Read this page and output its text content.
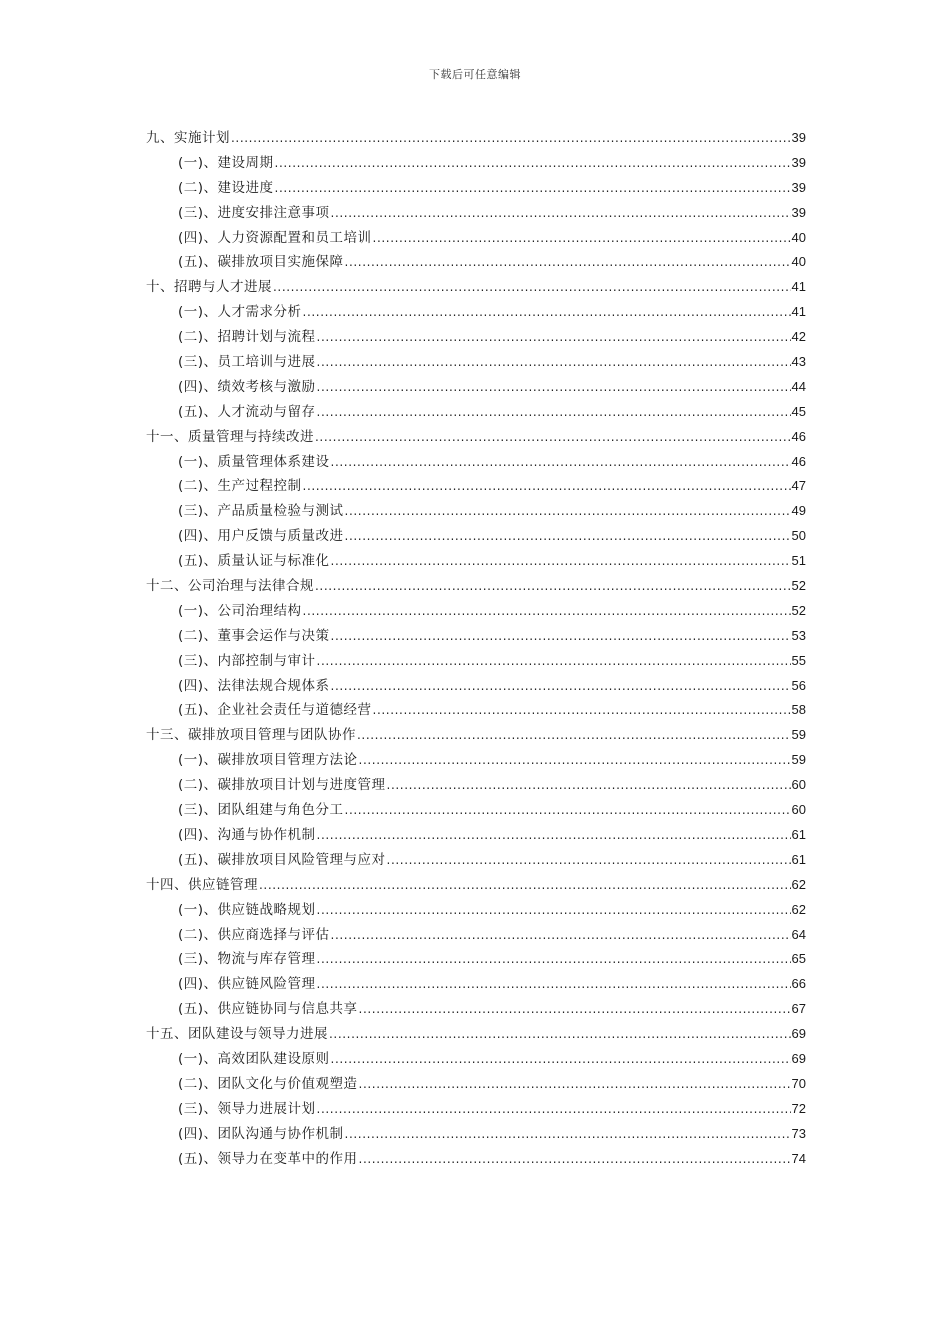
下载后可任意编辑
九、实施计划 .....	39
(一)、建设周期 .....	39
(二)、建设进度 .....	39
(三)、进度安排注意事项 .....	39
(四)、人力资源配置和员工培训 .....	40
(五)、碳排放项目实施保障 .....	40
十、招聘与人才进展 .....	41
(一)、人才需求分析 .....	41
(二)、招聘计划与流程 .....	42
(三)、员工培训与进展 .....	43
(四)、绩效考核与激励 .....	44
(五)、人才流动与留存 .....	45
十一、质量管理与持续改进 .....	46
(一)、质量管理体系建设 .....	46
(二)、生产过程控制 .....	47
(三)、产品质量检验与测试 .....	49
(四)、用户反馈与质量改进 .....	50
(五)、质量认证与标准化 .....	51
十二、公司治理与法律合规 .....	52
(一)、公司治理结构 .....	52
(二)、董事会运作与决策 .....	53
(三)、内部控制与审计 .....	55
(四)、法律法规合规体系 .....	56
(五)、企业社会责任与道德经营 .....	58
十三、碳排放项目管理与团队协作 .....	59
(一)、碳排放项目管理方法论 .....	59
(二)、碳排放项目计划与进度管理 .....	60
(三)、团队组建与角色分工 .....	60
(四)、沟通与协作机制 .....	61
(五)、碳排放项目风险管理与应对 .....	61
十四、供应链管理 .....	62
(一)、供应链战略规划 .....	62
(二)、供应商选择与评估 .....	64
(三)、物流与库存管理 .....	65
(四)、供应链风险管理 .....	66
(五)、供应链协同与信息共享 .....	67
十五、团队建设与领导力进展 .....	69
(一)、高效团队建设原则 .....	69
(二)、团队文化与价值观塑造 .....	70
(三)、领导力进展计划 .....	72
(四)、团队沟通与协作机制 .....	73
(五)、领导力在变革中的作用 .....	74
